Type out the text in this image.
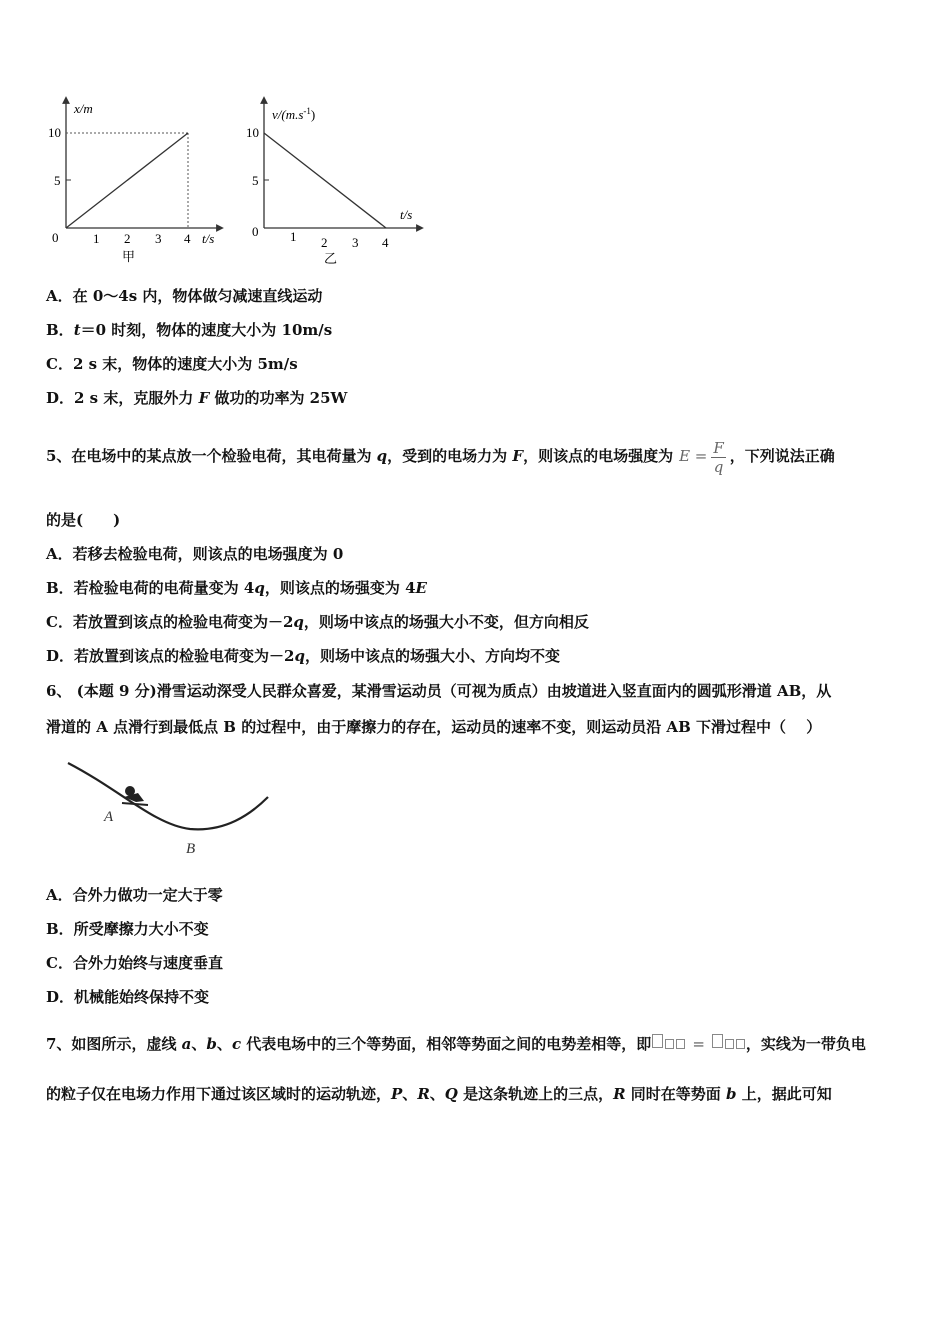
x/m
10
5
0	1 2 3 4 t/s
甲
$v/(m.s^{-1})$
10
5
0 1 2 3 4
t/s
乙
A．在 0～4s 内，物体做匀减速直线运动
B．t＝0 时刻，物体的速度大小为 10m/s
C．2 s 末，物体的速度大小为 5m/s
D．2 s 末，克服外力 F 做功的功率为 25W
5、在电场中的某点放一个检验电荷，其电荷量为 q，受到的电场力为 F，则该点的电场强度为 $E = \frac{F}{q}$ ，下列说法正确
的是(　　)
A．若移去检验电荷，则该点的电场强度为 0
B．若检验电荷的电荷量变为 4q，则该点的场强变为 4E
C．若放置到该点的检验电荷变为－2q，则场中该点的场强大小不变，但方向相反
D．若放置到该点的检验电荷变为－2q，则场中该点的场强大小、方向均不变
6、 (本题 9 分)滑雪运动深受人民群众喜爱，某滑雪运动员（可视为质点）由坡道进入竖直面内的圆弧形滑道 AB，从
滑道的 A 点滑行到最低点 B 的过程中，由于摩擦力的存在，运动员的速率不变，则运动员沿 AB 下滑过程中（　 ）
A
B
A．合外力做功一定大于零
B．所受摩擦力大小不变
C．合外力始终与速度垂直
D．机械能始终保持不变
7、如图所示，虚线 a、b、c 代表电场中的三个等势面，相邻等势面之间的电势差相等，即	=	，实线为一带负电
的粒子仅在电场力作用下通过该区域时的运动轨迹，P、R、Q 是这条轨迹上的三点，R 同时在等势面 b 上，据此可知
